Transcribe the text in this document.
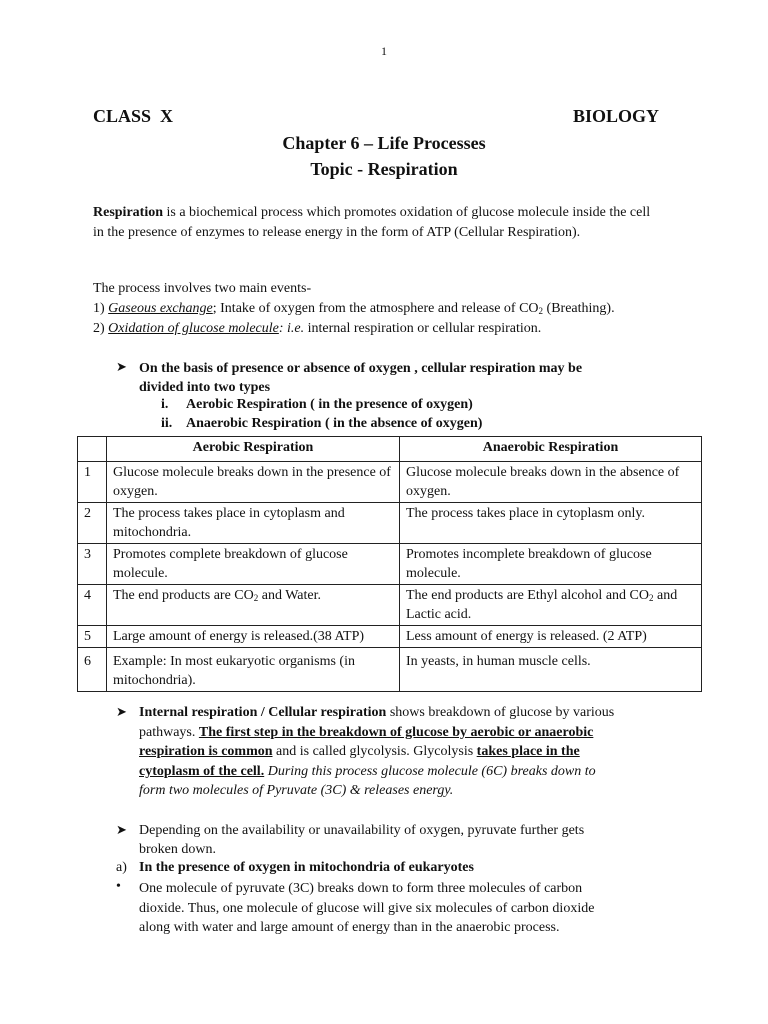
1
CLASS  X	BIOLOGY
Chapter 6 – Life Processes
Topic - Respiration
Respiration is a biochemical process which promotes oxidation of glucose molecule inside the cell
in the presence of enzymes to release energy in the form of ATP (Cellular Respiration).
The process involves two main events-
1) Gaseous exchange; Intake of oxygen from the atmosphere and release of $CO_2$ (Breathing).
2) Oxidation of glucose molecule: i.e. internal respiration or cellular respiration.
➤ On the basis of presence or absence of oxygen , cellular respiration may be
divided into two types
i. Aerobic Respiration ( in the presence of oxygen)
ii. Anaerobic Respiration ( in the absence of oxygen)
	Aerobic Respiration	Anaerobic Respiration
1	Glucose molecule breaks down in the presence of oxygen.	Glucose molecule breaks down in the absence of oxygen.
2	The process takes place in cytoplasm and mitochondria.	The process takes place in cytoplasm only.
3	Promotes complete breakdown of glucose molecule.	Promotes incomplete breakdown of glucose molecule.
4	The end products are $CO_2$ and Water.	The end products are Ethyl alcohol and $CO_2$ and Lactic acid.
5	Large amount of energy is released.(38 ATP)	Less amount of energy is released. (2 ATP)
6	Example: In most eukaryotic organisms (in mitochondria).	In yeasts, in human muscle cells.
➤ Internal respiration / Cellular respiration shows breakdown of glucose by various
pathways. The first step in the breakdown of glucose by aerobic or anaerobic
respiration is common and is called glycolysis. Glycolysis takes place in the
cytoplasm of the cell. During this process glucose molecule (6C) breaks down to
form two molecules of Pyruvate (3C) & releases energy.
➤ Depending on the availability or unavailability of oxygen, pyruvate further gets
broken down.
a) In the presence of oxygen in mitochondria of eukaryotes
• One molecule of pyruvate (3C) breaks down to form three molecules of carbon
dioxide. Thus, one molecule of glucose will give six molecules of carbon dioxide
along with water and large amount of energy than in the anaerobic process.
